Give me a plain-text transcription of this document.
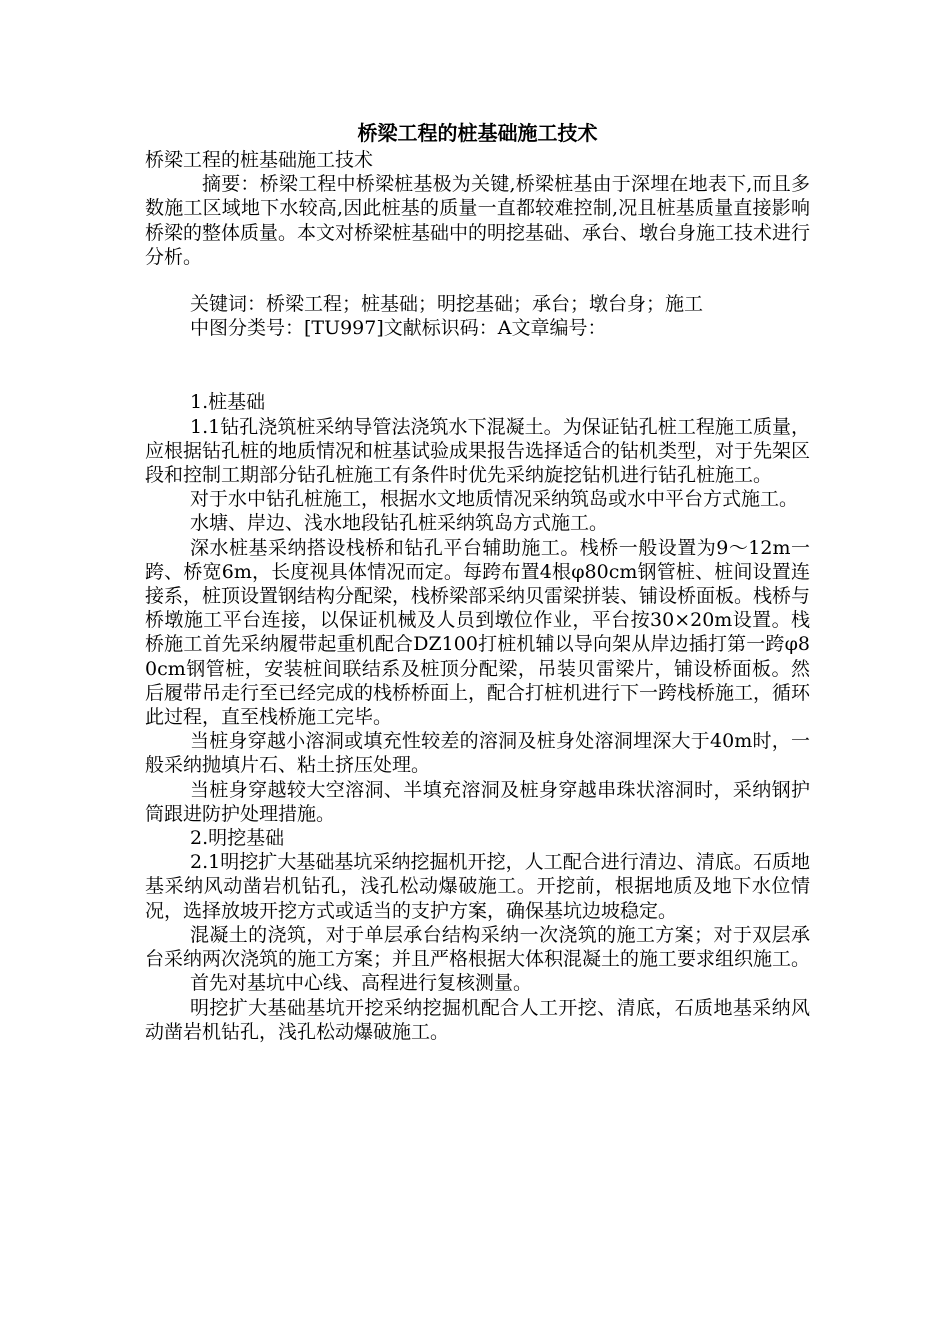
桥梁工程的桩基础施工技术

桥梁工程的桩基础施工技术

摘要：桥梁工程中桥梁桩基极为关键,桥梁桩基由于深埋在地表下,而且多数施工区域地下水较高,因此桩基的质量一直都较难控制,况且桩基质量直接影响桥梁的整体质量。本文对桥梁桩基础中的明挖基础、承台、墩台身施工技术进行分析。

关键词：桥梁工程；桩基础；明挖基础；承台；墩台身；施工

中图分类号：[TU997]文献标识码：A文章编号：

1.桩基础

1.1钻孔浇筑桩采纳导管法浇筑水下混凝土。为保证钻孔桩工程施工质量，应根据钻孔桩的地质情况和桩基试验成果报告选择适合的钻机类型，对于先架区段和控制工期部分钻孔桩施工有条件时优先采纳旋挖钻机进行钻孔桩施工。

对于水中钻孔桩施工，根据水文地质情况采纳筑岛或水中平台方式施工。

水塘、岸边、浅水地段钻孔桩采纳筑岛方式施工。

深水桩基采纳搭设栈桥和钻孔平台辅助施工。栈桥一般设置为9～12m一跨、桥宽6m，长度视具体情况而定。每跨布置4根φ80cm钢管桩、桩间设置连接系，桩顶设置钢结构分配梁，栈桥梁部采纳贝雷梁拼装、铺设桥面板。栈桥与桥墩施工平台连接，以保证机械及人员到墩位作业，平台按30×20m设置。栈桥施工首先采纳履带起重机配合DZ100打桩机辅以导向架从岸边插打第一跨φ80cm钢管桩，安装桩间联结系及桩顶分配梁，吊装贝雷梁片，铺设桥面板。然后履带吊走行至已经完成的栈桥桥面上，配合打桩机进行下一跨栈桥施工，循环此过程，直至栈桥施工完毕。

当桩身穿越小溶洞或填充性较差的溶洞及桩身处溶洞埋深大于40m时，一般采纳抛填片石、粘土挤压处理。

当桩身穿越较大空溶洞、半填充溶洞及桩身穿越串珠状溶洞时，采纳钢护筒跟进防护处理措施。

2.明挖基础

2.1明挖扩大基础基坑采纳挖掘机开挖，人工配合进行清边、清底。石质地基采纳风动凿岩机钻孔，浅孔松动爆破施工。开挖前，根据地质及地下水位情况，选择放坡开挖方式或适当的支护方案，确保基坑边坡稳定。

混凝土的浇筑，对于单层承台结构采纳一次浇筑的施工方案；对于双层承台采纳两次浇筑的施工方案；并且严格根据大体积混凝土的施工要求组织施工。

首先对基坑中心线、高程进行复核测量。

明挖扩大基础基坑开挖采纳挖掘机配合人工开挖、清底，石质地基采纳风动凿岩机钻孔，浅孔松动爆破施工。
